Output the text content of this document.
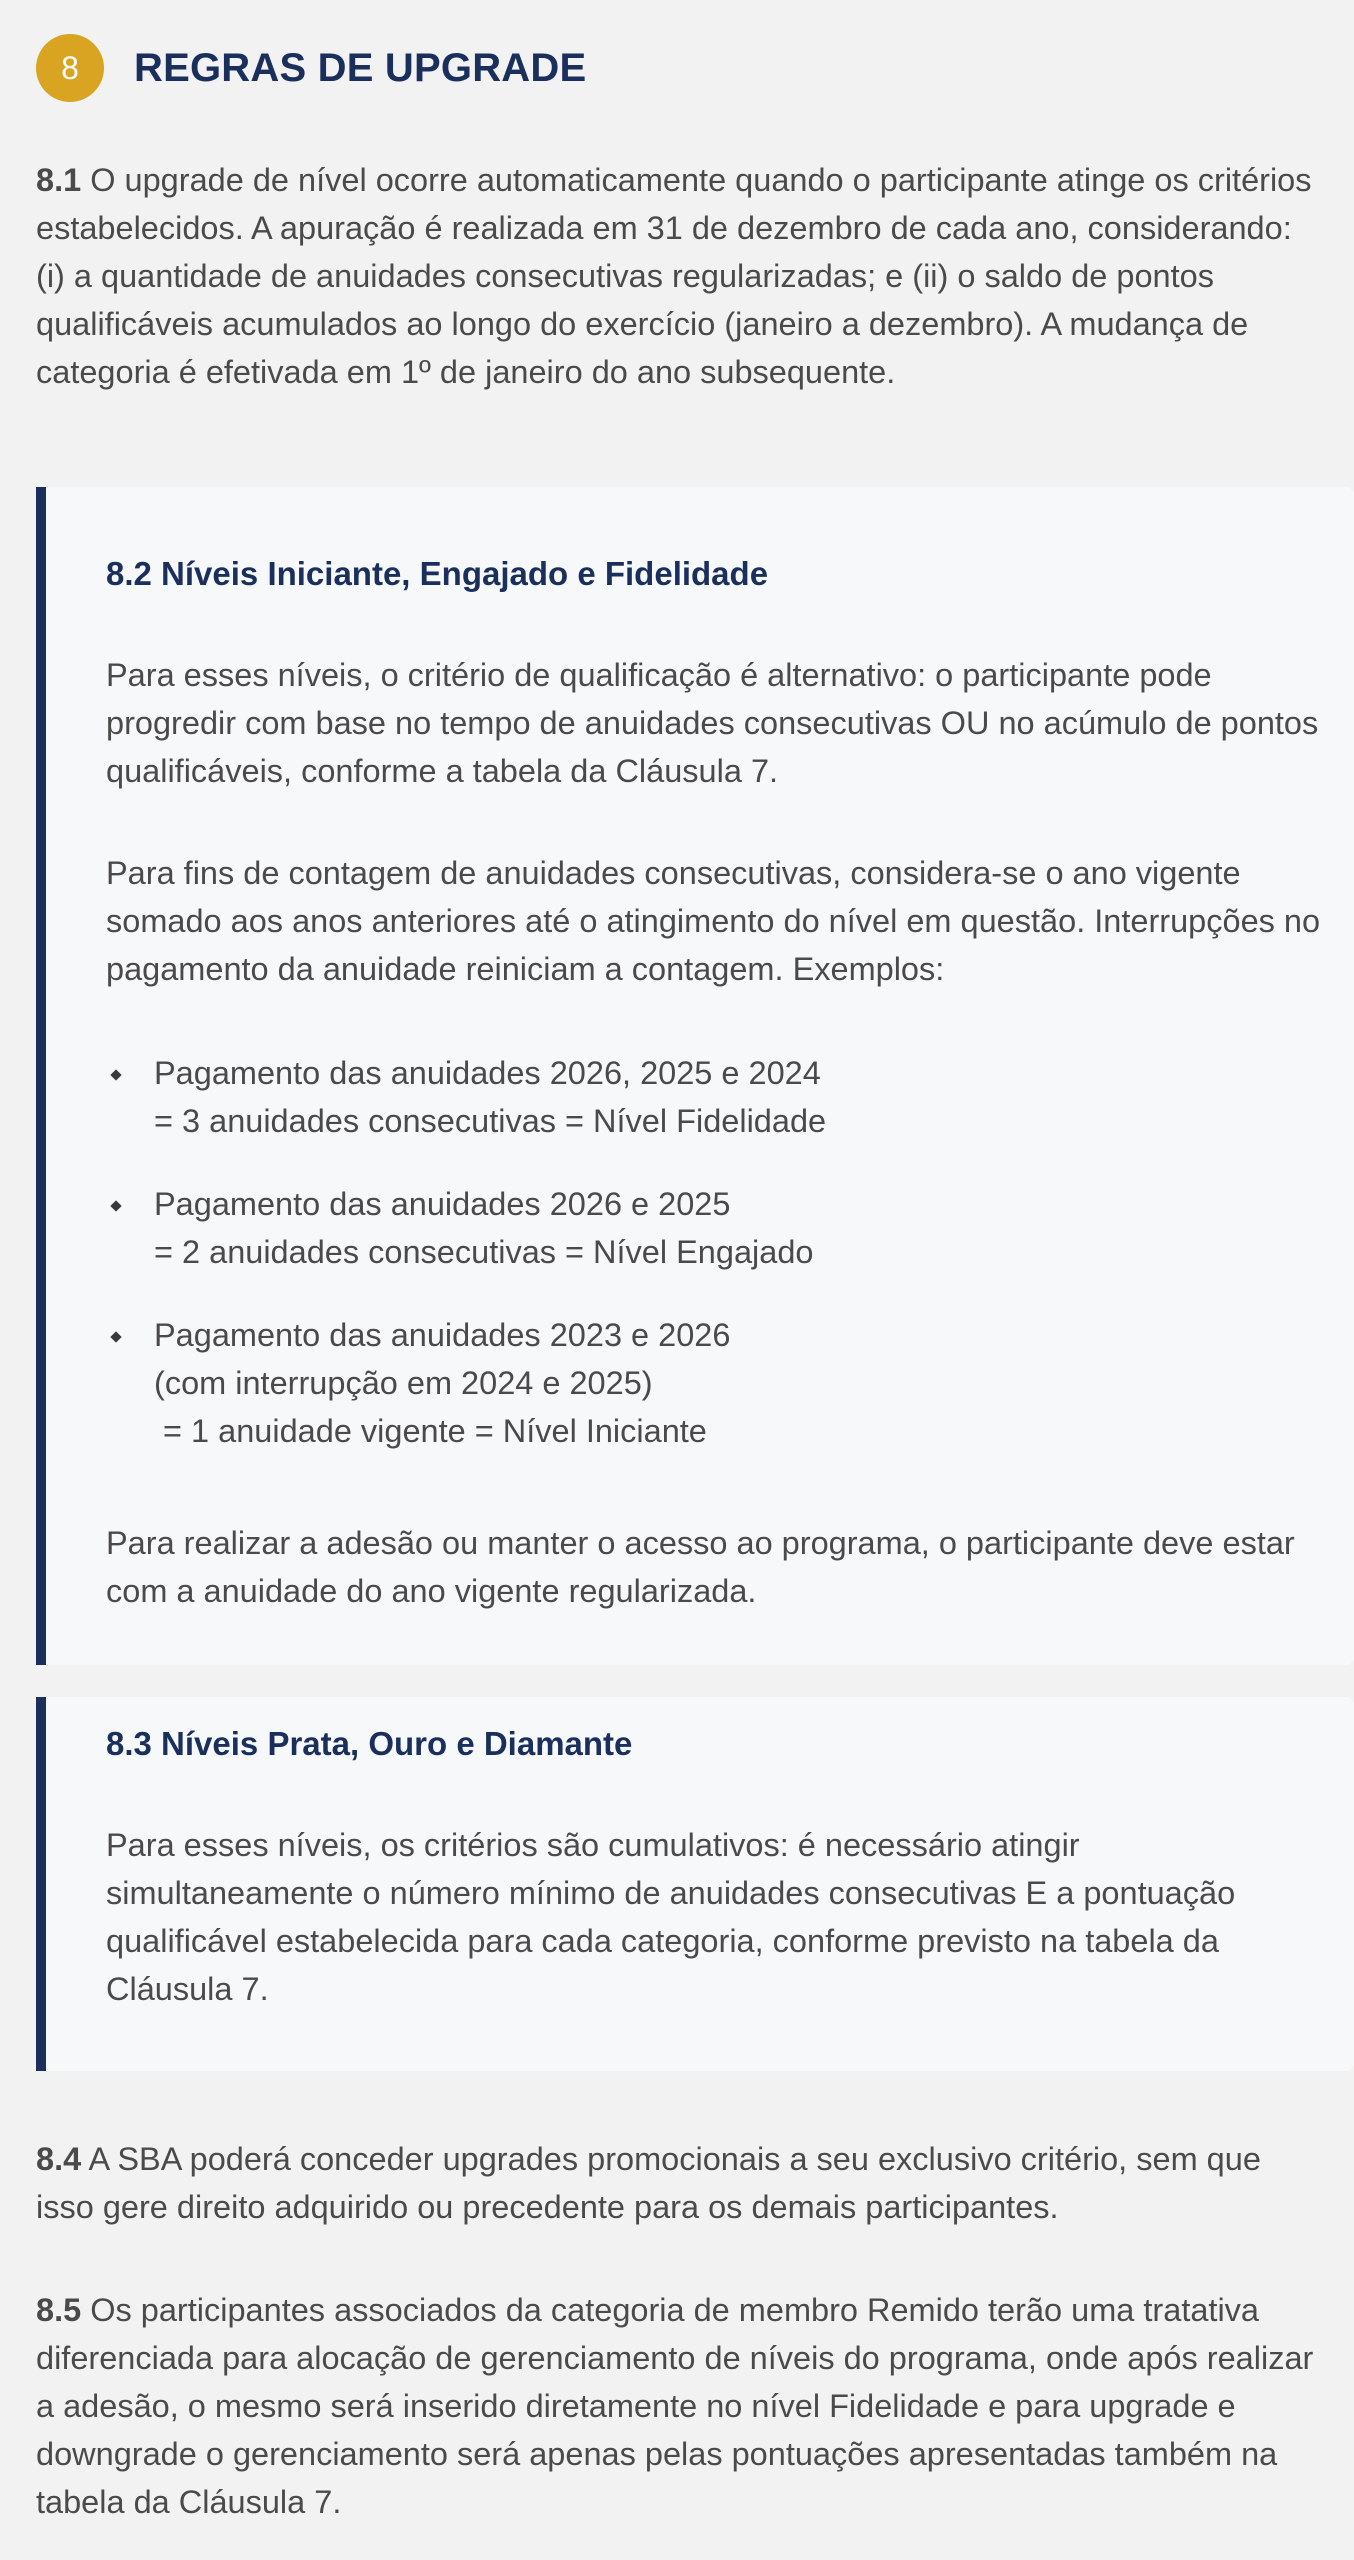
8	REGRAS DE UPGRADE

8.1 O upgrade de nível ocorre automaticamente quando o participante atinge os critérios estabelecidos. A apuração é realizada em 31 de dezembro de cada ano, considerando: (i) a quantidade de anuidades consecutivas regularizadas; e (ii) o saldo de pontos qualificáveis acumulados ao longo do exercício (janeiro a dezembro). A mudança de categoria é efetivada em 1º de janeiro do ano subsequente.

8.2 Níveis Iniciante, Engajado e Fidelidade

Para esses níveis, o critério de qualificação é alternativo: o participante pode progredir com base no tempo de anuidades consecutivas OU no acúmulo de pontos qualificáveis, conforme a tabela da Cláusula 7.

Para fins de contagem de anuidades consecutivas, considera-se o ano vigente somado aos anos anteriores até o atingimento do nível em questão. Interrupções no pagamento da anuidade reiniciam a contagem. Exemplos:

Pagamento das anuidades 2026, 2025 e 2024
= 3 anuidades consecutivas = Nível Fidelidade
Pagamento das anuidades 2026 e 2025
= 2 anuidades consecutivas = Nível Engajado
Pagamento das anuidades 2023 e 2026
(com interrupção em 2024 e 2025)
= 1 anuidade vigente = Nível Iniciante

Para realizar a adesão ou manter o acesso ao programa, o participante deve estar com a anuidade do ano vigente regularizada.

8.3 Níveis Prata, Ouro e Diamante

Para esses níveis, os critérios são cumulativos: é necessário atingir simultaneamente o número mínimo de anuidades consecutivas E a pontuação qualificável estabelecida para cada categoria, conforme previsto na tabela da Cláusula 7.

8.4 A SBA poderá conceder upgrades promocionais a seu exclusivo critério, sem que isso gere direito adquirido ou precedente para os demais participantes.

8.5 Os participantes associados da categoria de membro Remido terão uma tratativa diferenciada para alocação de gerenciamento de níveis do programa, onde após realizar a adesão, o mesmo será inserido diretamente no nível Fidelidade e para upgrade e downgrade o gerenciamento será apenas pelas pontuações apresentadas também na tabela da Cláusula 7.
